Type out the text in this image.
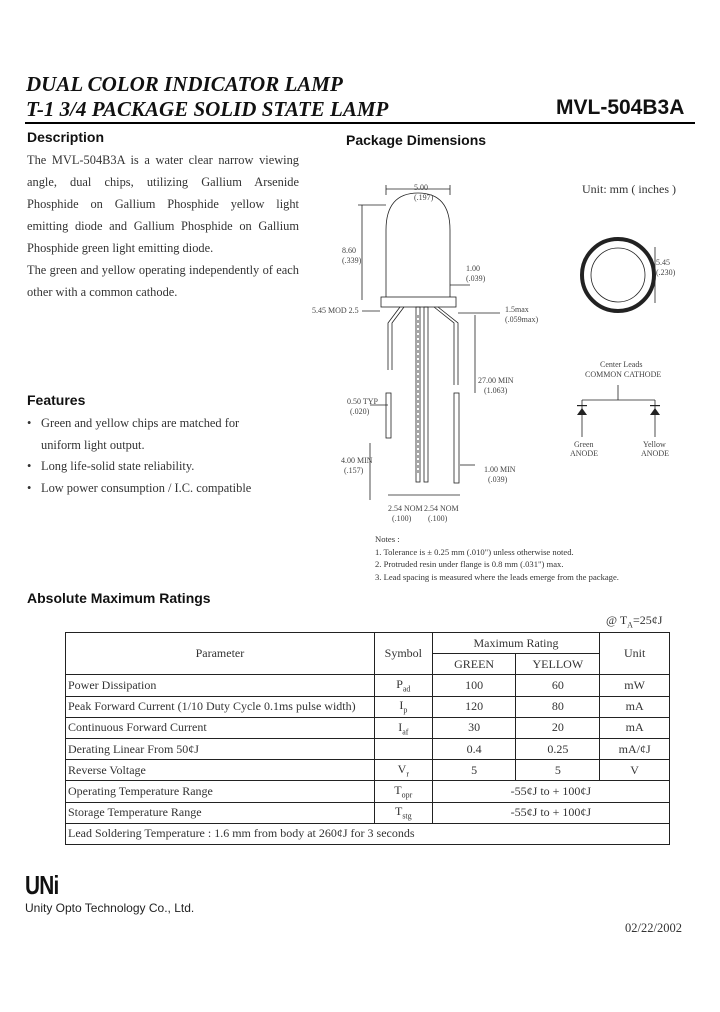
DUAL COLOR INDICATOR LAMP
T-1 3/4 PACKAGE SOLID STATE LAMP	MVL-504B3A
Description

The MVL-504B3A is a water clear narrow viewing angle, dual chips, utilizing Gallium Arsenide Phosphide on Gallium Phosphide yellow light emitting diode and Gallium Phosphide on Gallium Phosphide green light emitting diode.

The green and yellow operating independently of each other with a common cathode.

Features
• Green and yellow chips are matched for
uniform light output.
• Long life-solid state reliability.
• Low power consumption / I.C. compatible
Package Dimensions
Unit: mm ( inches )
5.00
(.197)
8.60
(.339)
1.00
(.039)
5.45
(.230)
5.45 MOD 2.5	1.5max
(.059max)
27.00 MIN
(1.063)
0.50 TYP
(.020)
4.00 MIN
(.157)	1.00 MIN
(.039)
2.54 NOM
(.100)
2.54 NOM
(.100)
Center Leads
COMMON CATHODE
Green
ANODE
Yellow
ANODE
Notes :
1. Tolerance is ± 0.25 mm (.010") unless otherwise noted.
2. Protruded resin under flange is 0.8 mm (.031") max.
3. Lead spacing is measured where the leads emerge from the package.
Absolute Maximum Ratings
@ $T_A=25¢J$
Parameter	Symbol	Maximum Rating		Unit
		GREEN	YELLOW	
Power Dissipation	$P_{ad}$	100	60	mW
Peak Forward Current (1/10 Duty Cycle 0.1ms pulse width)	$I_p$	120	80	mA
Continuous Forward Current	$I_{af}$	30	20	mA
Derating Linear From 50¢J		0.4	0.25	mA/¢J
Reverse Voltage	$V_r$	5	5	V
Operating Temperature Range	$T_{opr}$	-55¢J to + 100¢J		
Storage Temperature Range	$T_{stg}$	-55¢J to + 100¢J		
Lead Soldering Temperature : 1.6 mm from body at 260¢J for 3 seconds				
UNi
Unity Opto Technology Co., Ltd.
02/22/2002
